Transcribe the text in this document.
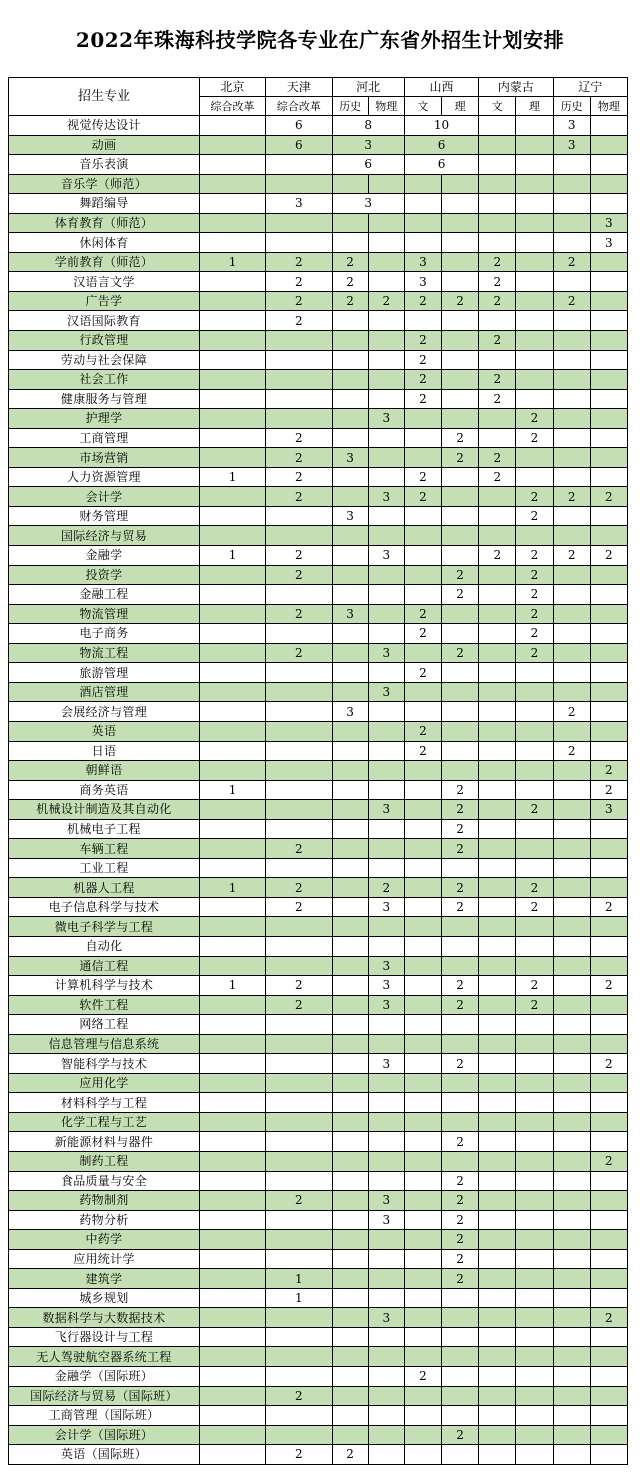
2022年珠海科技学院各专业在广东省外招生计划安排
招生专业	北京	天津	河北		山西		内蒙古		辽宁	
	综合改革	综合改革	历史	物理	文	理	文	理	历史	物理
视觉传达设计		6	8		10				3	
动画		6	3		6				3	
音乐表演			6		6					
音乐学（师范）										
舞蹈编导		3	3							
体育教育（师范）										3
休闲体育										3
学前教育（师范）	1	2	2		3		2		2	
汉语言文学		2	2		3		2			
广告学		2	2	2	2	2	2		2	
汉语国际教育		2								
行政管理					2		2			
劳动与社会保障					2					
社会工作					2		2			
健康服务与管理					2		2			
护理学				3				2		
工商管理		2				2		2		
市场营销		2	3			2	2			
人力资源管理	1	2			2		2			
会计学		2		3	2			2	2	2
财务管理			3					2		
国际经济与贸易										
金融学	1	2		3			2	2	2	2
投资学		2				2		2		
金融工程						2		2		
物流管理		2	3		2			2		
电子商务					2			2		
物流工程		2		3		2		2		
旅游管理					2					
酒店管理				3						
会展经济与管理			3						2	
英语					2					
日语					2				2	
朝鲜语										2
商务英语	1					2				2
机械设计制造及其自动化				3		2		2		3
机械电子工程						2				
车辆工程		2				2				
工业工程										
机器人工程	1	2		2		2		2		
电子信息科学与技术		2		3		2		2		2
微电子科学与工程										
自动化										
通信工程				3						
计算机科学与技术	1	2		3		2		2		2
软件工程		2		3		2		2		
网络工程										
信息管理与信息系统										
智能科学与技术				3		2				2
应用化学										
材料科学与工程										
化学工程与工艺										
新能源材料与器件						2				
制药工程										2
食品质量与安全						2				
药物制剂		2		3		2				
药物分析				3		2				
中药学						2				
应用统计学						2				
建筑学		1				2				
城乡规划		1								
数据科学与大数据技术				3						2
飞行器设计与工程										
无人驾驶航空器系统工程										
金融学（国际班）					2					
国际经济与贸易（国际班）		2								
工商管理（国际班）										
会计学（国际班）						2				
英语（国际班）		2	2							
